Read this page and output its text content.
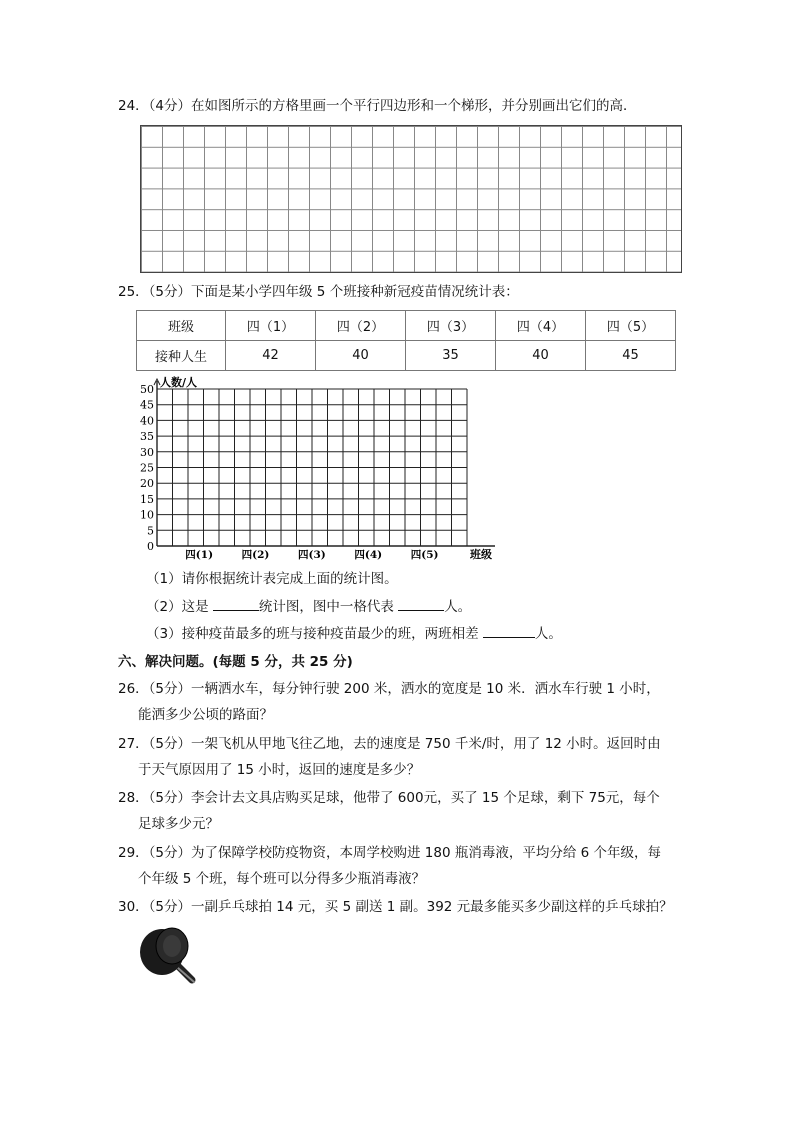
24．（4分）在如图所示的方格里画一个平行四边形和一个梯形，并分别画出它们的高．
25．（5分）下面是某小学四年级 5 个班接种新冠疫苗情况统计表：
班级	四（1）	四（2）	四（3）	四（4）	四（5）
接种人生	42	40	35	40	45
0
5
10
15
20
25
30
35
40
45
50
四(1)	四(2)	四(3)	四(4)	四(5)
人数/人
班级
（1）请你根据统计表完成上面的统计图。
（2）这是	统计图，图中一格代表	人。
（3）接种疫苗最多的班与接种疫苗最少的班，两班相差	人。
六、解决问题。(每题 5 分，共 25 分)
26．（5分）一辆洒水车，每分钟行驶 200 米，洒水的宽度是 10 米．洒水车行驶 1 小时，
能洒多少公顷的路面？
27．（5分）一架飞机从甲地飞往乙地，去的速度是 750 千米/时，用了 12 小时。返回时由
于天气原因用了 15 小时，返回的速度是多少？
28．（5分）李会计去文具店购买足球，他带了 600元，买了 15 个足球，剩下 75元，每个
足球多少元？
29．（5分）为了保障学校防疫物资，本周学校购进 180 瓶消毒液，平均分给 6 个年级，每
个年级 5 个班，每个班可以分得多少瓶消毒液？
30．（5分）一副乒乓球拍 14 元，买 5 副送 1 副。392 元最多能买多少副这样的乒乓球拍？
